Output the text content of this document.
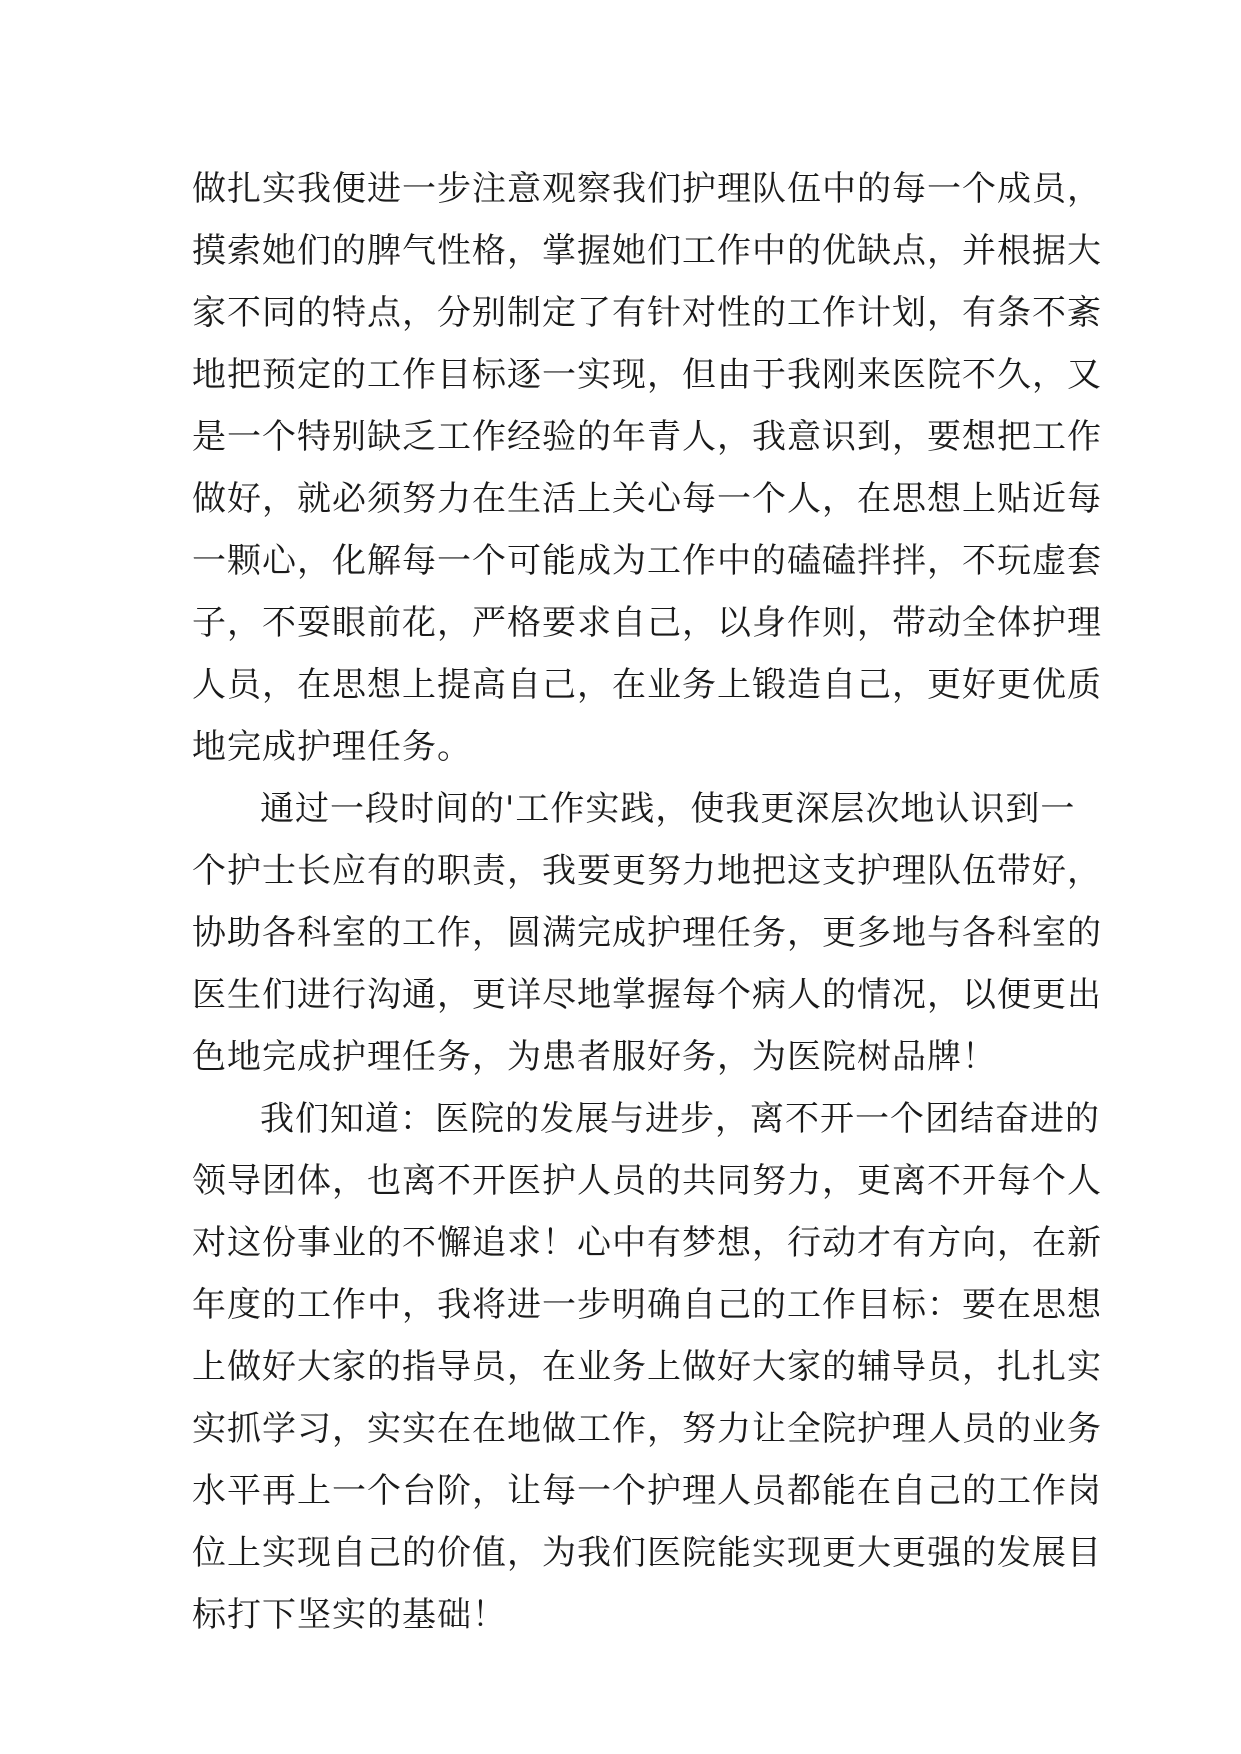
做扎实我便进一步注意观察我们护理队伍中的每一个成员，
摸索她们的脾气性格，掌握她们工作中的优缺点，并根据大
家不同的特点，分别制定了有针对性的工作计划，有条不紊
地把预定的工作目标逐一实现，但由于我刚来医院不久，又
是一个特别缺乏工作经验的年青人，我意识到，要想把工作
做好，就必须努力在生活上关心每一个人，在思想上贴近每
一颗心，化解每一个可能成为工作中的磕磕拌拌，不玩虚套
子，不耍眼前花，严格要求自己，以身作则，带动全体护理
人员，在思想上提高自己，在业务上锻造自己，更好更优质
地完成护理任务。
通过一段时间的'工作实践，使我更深层次地认识到一
个护士长应有的职责，我要更努力地把这支护理队伍带好，
协助各科室的工作，圆满完成护理任务，更多地与各科室的
医生们进行沟通，更详尽地掌握每个病人的情况，以便更出
色地完成护理任务，为患者服好务，为医院树品牌！
我们知道：医院的发展与进步，离不开一个团结奋进的
领导团体，也离不开医护人员的共同努力，更离不开每个人
对这份事业的不懈追求！心中有梦想，行动才有方向，在新
年度的工作中，我将进一步明确自己的工作目标：要在思想
上做好大家的指导员，在业务上做好大家的辅导员，扎扎实
实抓学习，实实在在地做工作，努力让全院护理人员的业务
水平再上一个台阶，让每一个护理人员都能在自己的工作岗
位上实现自己的价值，为我们医院能实现更大更强的发展目
标打下坚实的基础！
